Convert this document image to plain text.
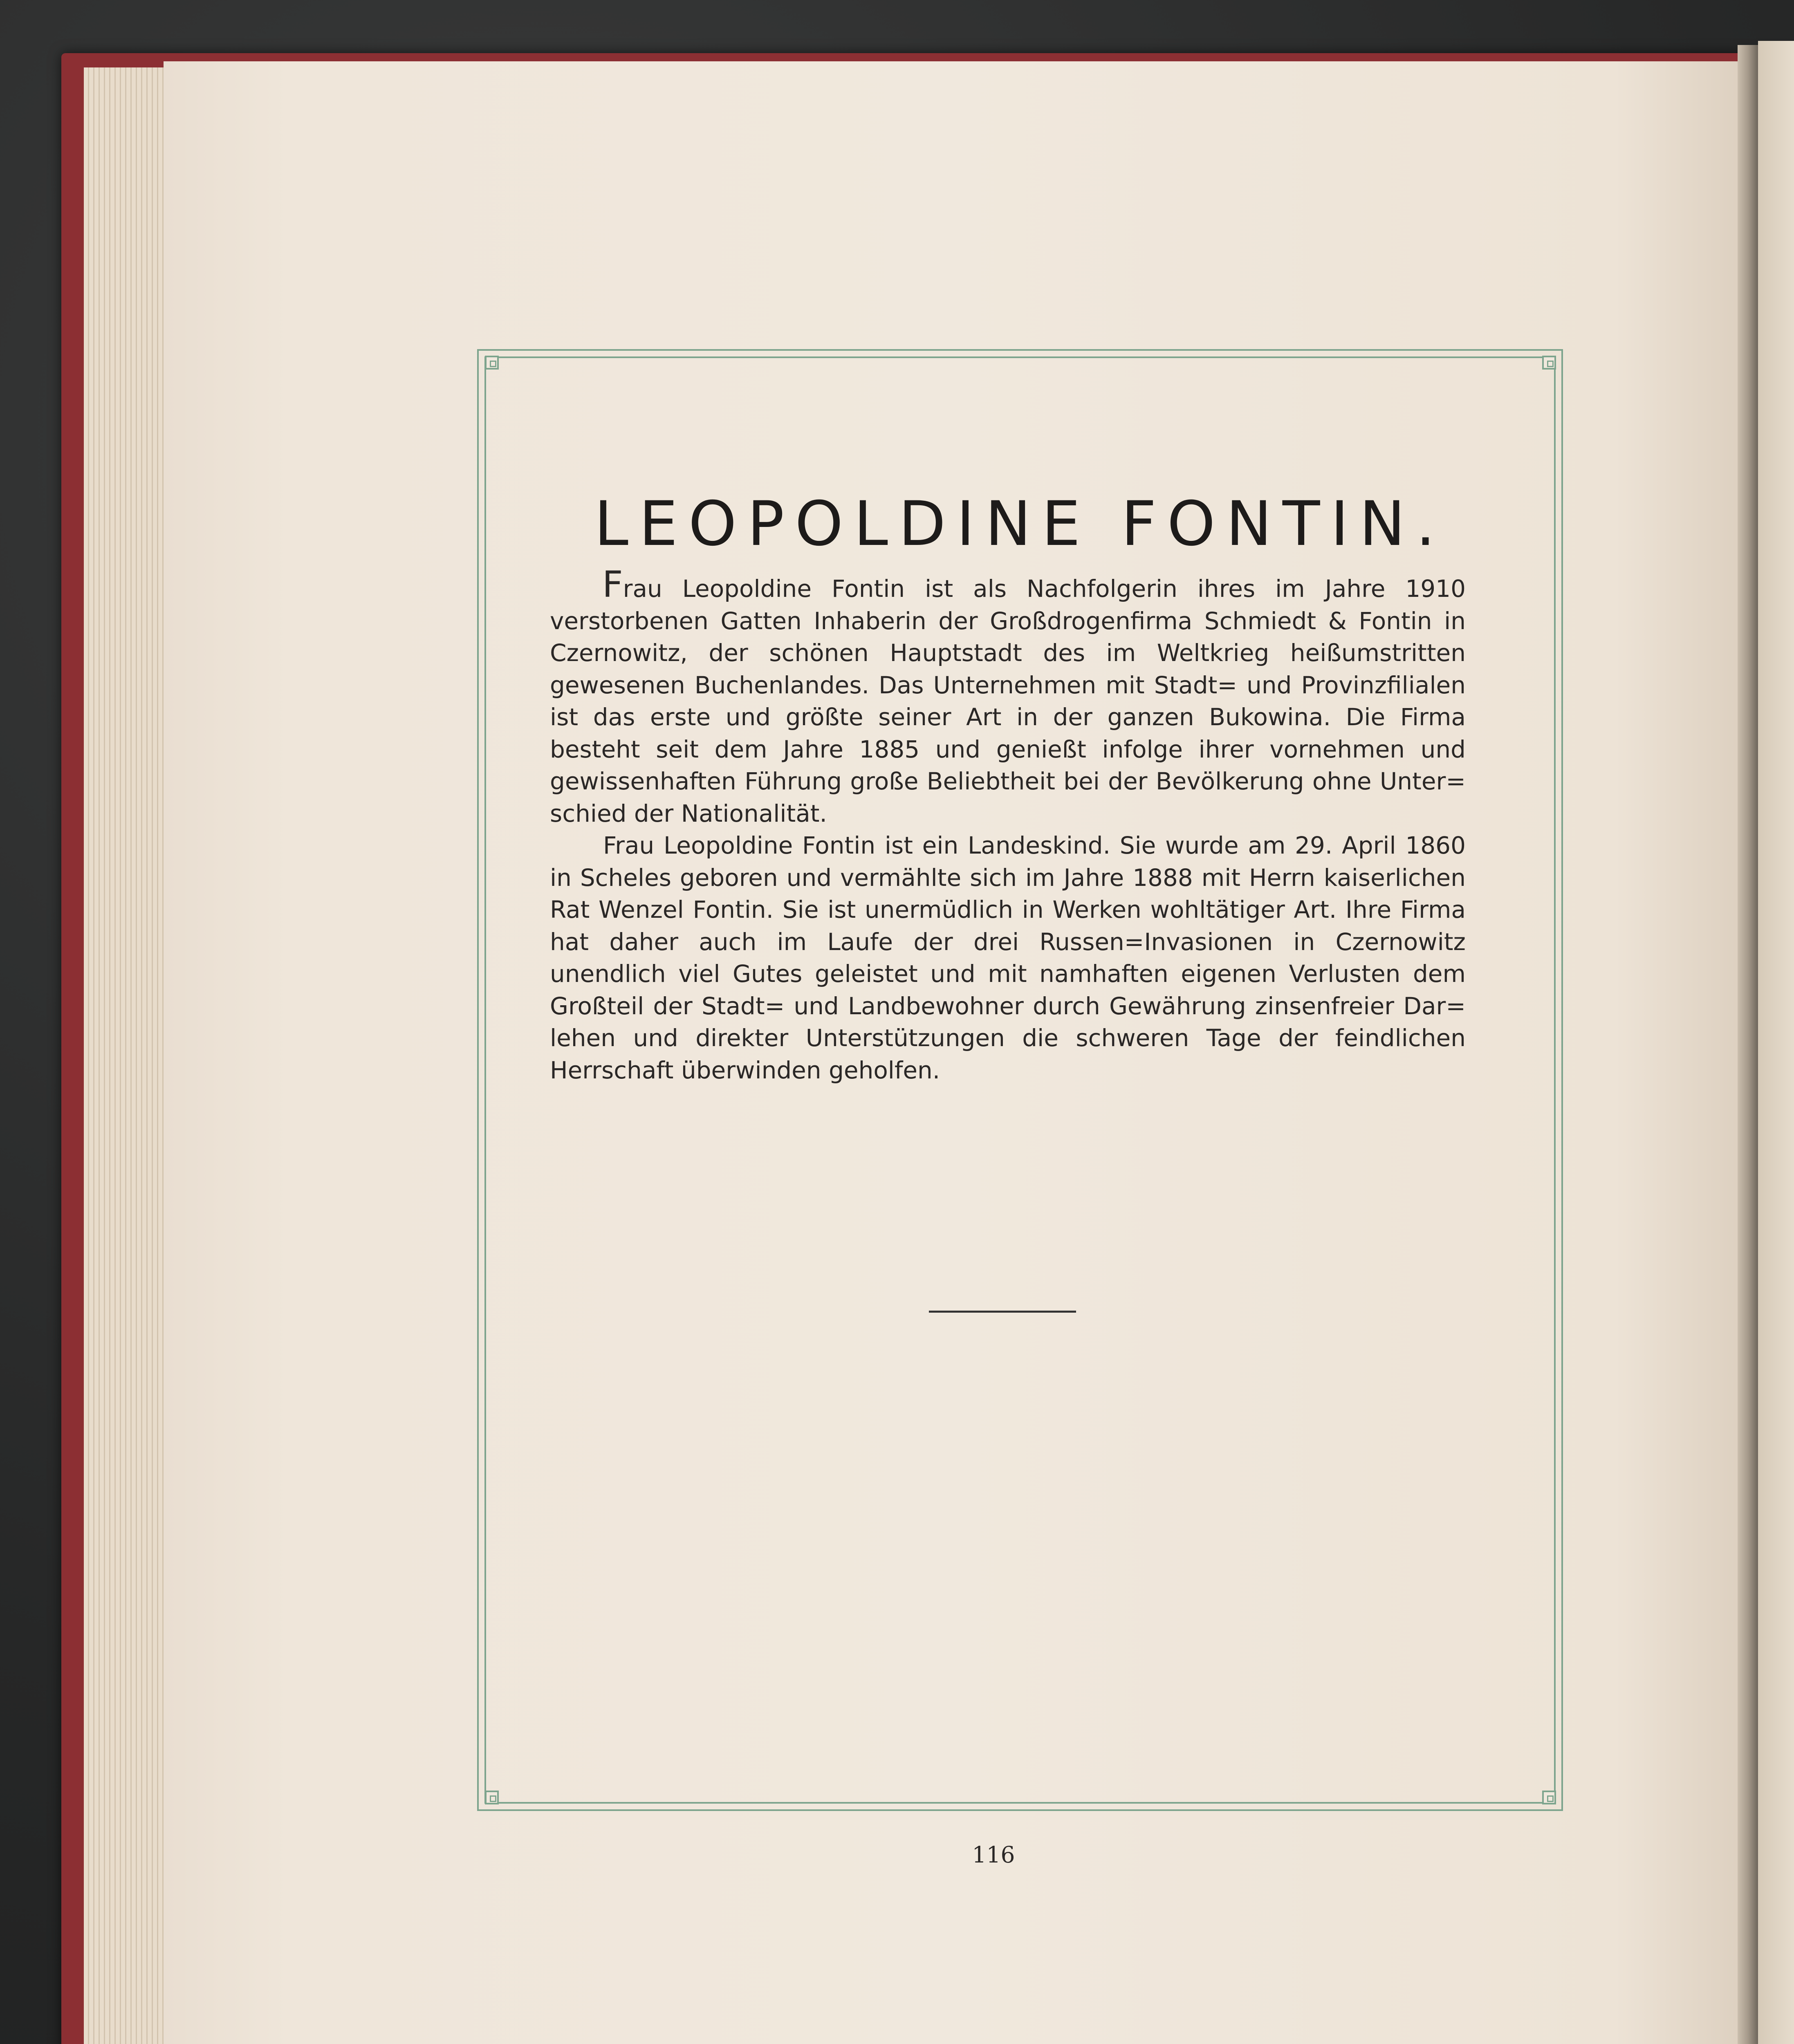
LEOPOLDINE FONTIN.

Frau Leopoldine Fontin ist als Nachfolgerin ihres im Jahre 1910 verstorbenen Gatten Inhaberin der Großdrogenfirma Schmiedt & Fontin in Czernowitz, der schönen Hauptstadt des im Weltkrieg heißumstritten gewesenen Buchenlandes. Das Unternehmen mit Stadt= und Provinzfilialen ist das erste und größte seiner Art in der ganzen Bukowina. Die Firma besteht seit dem Jahre 1885 und genießt infolge ihrer vornehmen und gewissenhaften Führung große Beliebtheit bei der Bevölkerung ohne Unter= schied der Nationalität.

Frau Leopoldine Fontin ist ein Landeskind. Sie wurde am 29. April 1860 in Scheles geboren und vermählte sich im Jahre 1888 mit Herrn kaiserlichen Rat Wenzel Fontin. Sie ist unermüdlich in Werken wohltätiger Art. Ihre Firma hat daher auch im Laufe der drei Russen=Invasionen in Czernowitz unendlich viel Gutes geleistet und mit namhaften eigenen Verlusten dem Großteil der Stadt= und Landbewohner durch Gewährung zinsenfreier Dar= lehen und direkter Unterstützungen die schweren Tage der feindlichen Herrschaft überwinden geholfen.

116
